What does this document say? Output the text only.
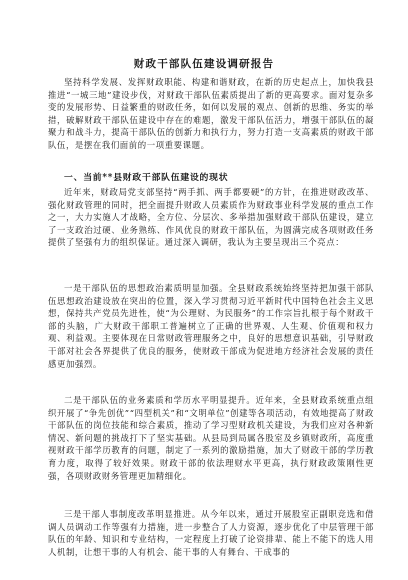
财政干部队伍建设调研报告

坚持科学发展、发挥财政职能、构建和谐财政，在新的历史起点上，加快我县推进“一城三地”建设步伐，对财政干部队伍素质提出了新的更高要求。面对复杂多变的发展形势、日益繁重的财政任务，如何以发展的观点、创新的思维、务实的举措，破解财政干部队伍建设中存在的难题，激发干部队伍活力，增强干部队伍的凝聚力和战斗力，提高干部队伍的创新力和执行力，努力打造一支高素质的财政干部队伍，是摆在我们面前的一项重要课题。

一、当前**县财政干部队伍建设的现状

近年来，财政局党支部坚持“两手抓、两手都要硬”的方针，在推进财政改革、强化财政管理的同时，把全面提升财政人员素质作为财政事业科学发展的重点工作之一，大力实施人才战略，全方位、分层次、多举措加强财政干部队伍建设，建立了一支政治过硬、业务熟练、作风优良的财政干部队伍，为圆满完成各项财政任务提供了坚强有力的组织保证。通过深入调研，我认为主要呈现出三个亮点：

一是干部队伍的思想政治素质明显加强。全县财政系统始终坚持把加强干部队伍思想政治建设放在突出的位置，深入学习贯彻习近平新时代中国特色社会主义思想，保持共产党员先进性，使“为公理财、为民服务”的工作宗旨扎根于每个财政干部的头脑，广大财政干部职工普遍树立了正确的世界观、人生观、价值观和权力观、利益观。主要体现在日常财政管理服务之中，良好的思想意识基础，引导财政干部对社会各界提供了优良的服务，使财政干部成为促进地方经济社会发展的责任感更加强烈。

二是干部队伍的业务素质和学历水平明显提升。近年来，全县财政系统重点组织开展了“争先创优”“四型机关”和“文明单位”创建等各项活动，有效地提高了财政干部队伍的岗位技能和综合素质，推动了学习型财政机关建设，为我们应对各种新情况、新问题的挑战打下了坚实基础。从县局到局属各股室及乡镇财政所，高度重视财政干部学历教育的问题，制定了一系列的激励措施，加大了财政干部的学历教育力度，取得了较好效果。财政干部的依法理财水平更高，执行财政政策刚性更强，各项财政财务管理更加精细化。

三是干部人事制度改革明显推进。从今年以来，通过开展股室正副职竞选和借调人员调动工作等强有力措施，进一步整合了人力资源，逐步优化了中层管理干部队伍的年龄、知识和专业结构，一定程度上打破了论资排辈、能上不能下的选人用人机制，让想干事的人有机会、能干事的人有舞台、干成事的
